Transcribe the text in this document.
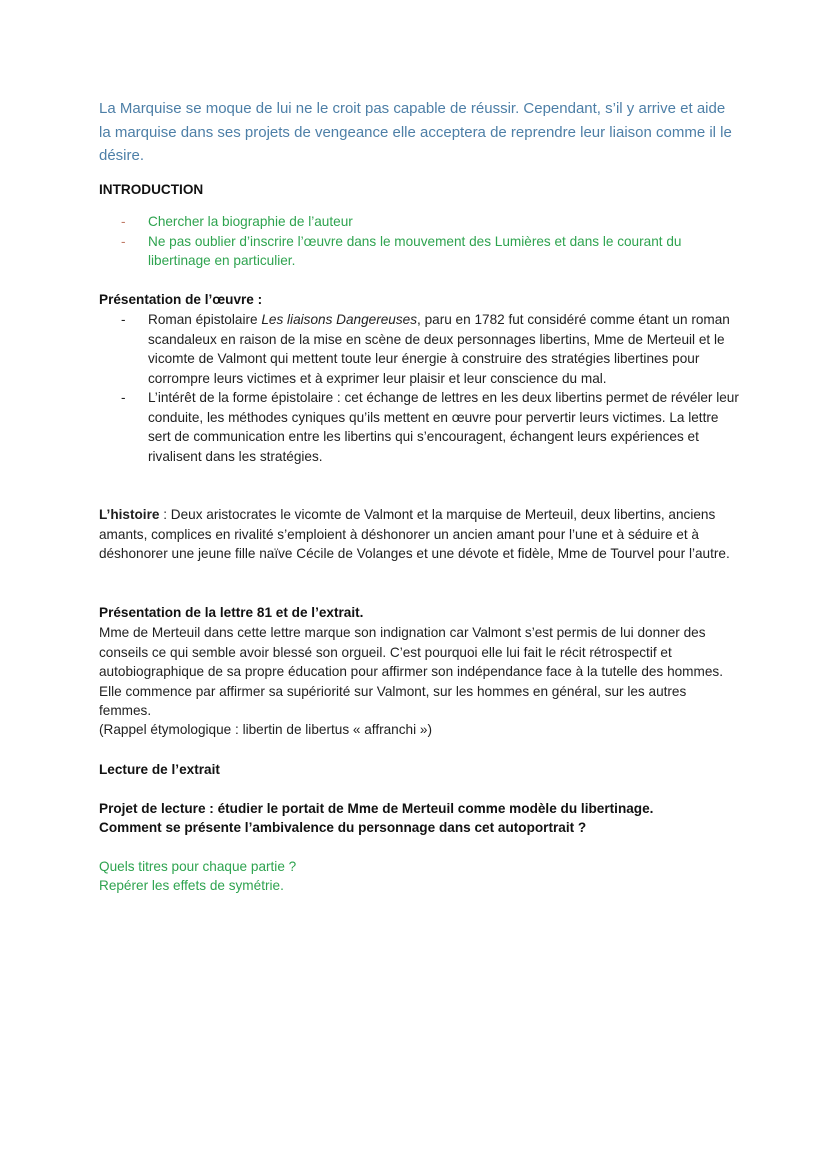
La Marquise se moque de lui ne le croit pas capable de réussir. Cependant, s’il y arrive et aide la marquise dans ses projets de vengeance elle acceptera de reprendre leur liaison comme il le désire.

INTRODUCTION
- Chercher la biographie de l’auteur
- Ne pas oublier d’inscrire l’œuvre dans le mouvement des Lumières et dans le courant du libertinage en particulier.
Présentation de l’œuvre :
- Roman épistolaire Les liaisons Dangereuses, paru en 1782 fut considéré comme étant un roman scandaleux en raison de la mise en scène de deux personnages libertins, Mme de Merteuil et le vicomte de Valmont qui mettent toute leur énergie à construire des stratégies libertines pour corrompre leurs victimes et à exprimer leur plaisir et leur conscience du mal.
- L’intérêt de la forme épistolaire : cet échange de lettres en les deux libertins permet de révéler leur conduite, les méthodes cyniques qu’ils mettent en œuvre pour pervertir leurs victimes. La lettre sert de communication entre les libertins qui s’encouragent, échangent leurs expériences et rivalisent dans les stratégies.

L’histoire : Deux aristocrates le vicomte de Valmont et la marquise de Merteuil, deux libertins, anciens amants, complices en rivalité s’emploient à déshonorer un ancien amant pour l’une et à séduire et à déshonorer une jeune fille naïve Cécile de Volanges et une dévote et fidèle, Mme de Tourvel pour l’autre.

Présentation de la lettre 81 et de l’extrait.

Mme de Merteuil dans cette lettre marque son indignation car Valmont s’est permis de lui donner des conseils ce qui semble avoir blessé son orgueil. C’est pourquoi elle lui fait le récit rétrospectif et autobiographique de sa propre éducation pour affirmer son indépendance face à la tutelle des hommes. Elle commence par affirmer sa supériorité sur Valmont, sur les hommes en général, sur les autres femmes.

(Rappel étymologique : libertin de libertus « affranchi »)

Lecture de l’extrait
Projet de lecture : étudier le portait de Mme de Merteuil comme modèle du libertinage.
Comment se présente l’ambivalence du personnage dans cet autoportrait ?
Quels titres pour chaque partie ?
Repérer les effets de symétrie.
